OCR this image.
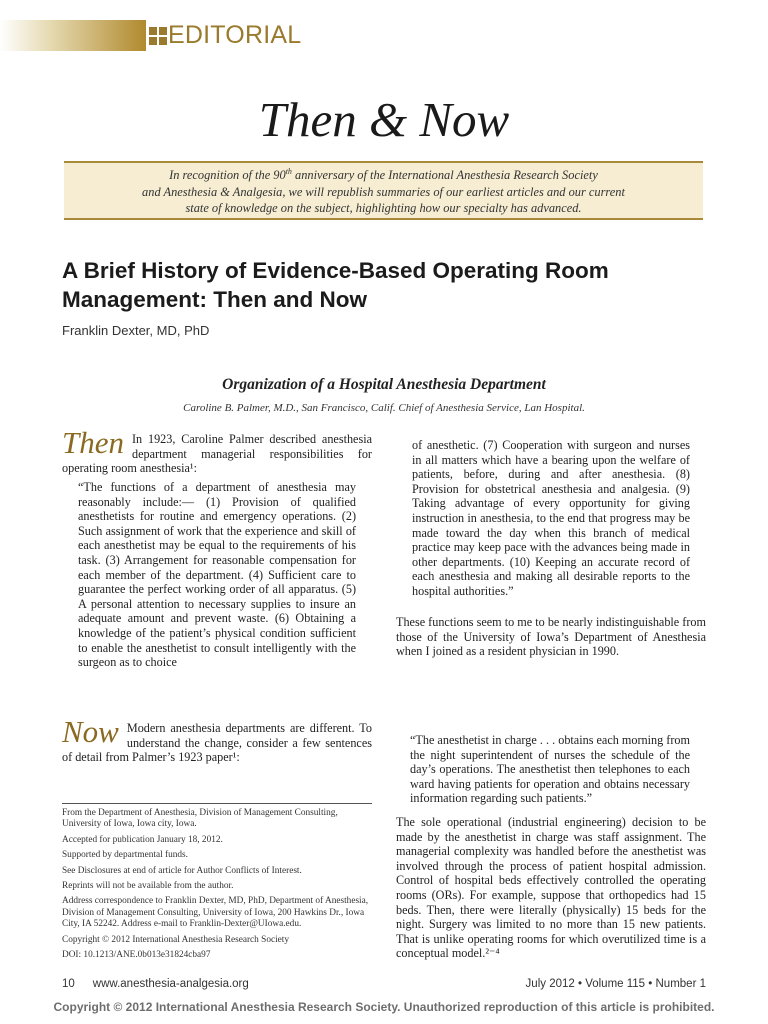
EDITORIAL
Then & Now
In recognition of the 90th anniversary of the International Anesthesia Research Society
and Anesthesia & Analgesia, we will republish summaries of our earliest articles and our current
state of knowledge on the subject, highlighting how our specialty has advanced.
A Brief History of Evidence-Based Operating Room
Management: Then and Now
Franklin Dexter, MD, PhD
Organization of a Hospital Anesthesia Department
Caroline B. Palmer, M.D., San Francisco, Calif. Chief of Anesthesia Service, Lan Hospital.
Then In 1923, Caroline Palmer described anesthesia department managerial responsibilities for operating room anesthesia¹:
“The functions of a department of anesthesia may reasonably include:— (1) Provision of qualified anesthetists for routine and emergency operations. (2) Such assignment of work that the experience and skill of each anesthetist may be equal to the requirements of his task. (3) Arrangement for reasonable compensation for each member of the department. (4) Sufficient care to guarantee the perfect working order of all apparatus. (5) A personal attention to necessary supplies to insure an adequate amount and prevent waste. (6) Obtaining a knowledge of the patient’s physical condition sufficient to enable the anesthetist to consult intelligently with the surgeon as to choice
of anesthetic. (7) Cooperation with surgeon and nurses in all matters which have a bearing upon the welfare of patients, before, during and after anesthesia. (8) Provision for obstetrical anesthesia and analgesia. (9) Taking advantage of every opportunity for giving instruction in anesthesia, to the end that progress may be made toward the day when this branch of medical practice may keep pace with the advances being made in other departments. (10) Keeping an accurate record of each anesthesia and making all desirable reports to the hospital authorities.”
These functions seem to me to be nearly indistinguishable from those of the University of Iowa’s Department of Anesthesia when I joined as a resident physician in 1990.
Now Modern anesthesia departments are different. To understand the change, consider a few sentences of detail from Palmer’s 1923 paper¹:
“The anesthetist in charge . . . obtains each morning from the night superintendent of nurses the schedule of the day’s operations. The anesthetist then telephones to each ward having patients for operation and obtains necessary information regarding such patients.”
The sole operational (industrial engineering) decision to be made by the anesthetist in charge was staff assignment. The managerial complexity was handled before the anesthetist was involved through the process of patient hospital admission. Control of hospital beds effectively controlled the operating rooms (ORs). For example, suppose that orthopedics had 15 beds. Then, there were literally (physically) 15 beds for the night. Surgery was limited to no more than 15 new patients. That is unlike operating rooms for which overutilized time is a conceptual model.²⁻⁴

From the Department of Anesthesia, Division of Management Consulting, University of Iowa, Iowa city, Iowa.

Accepted for publication January 18, 2012.

Supported by departmental funds.

See Disclosures at end of article for Author Conflicts of Interest.

Reprints will not be available from the author.

Address correspondence to Franklin Dexter, MD, PhD, Department of Anesthesia, Division of Management Consulting, University of Iowa, 200 Hawkins Dr., Iowa City, IA 52242. Address e-mail to Franklin-Dexter@UIowa.edu.

Copyright © 2012 International Anesthesia Research Society

DOI: 10.1213/ANE.0b013e31824cba97

10 www.anesthesia-analgesia.org	July 2012 • Volume 115 • Number 1
Copyright © 2012 International Anesthesia Research Society. Unauthorized reproduction of this article is prohibited.
